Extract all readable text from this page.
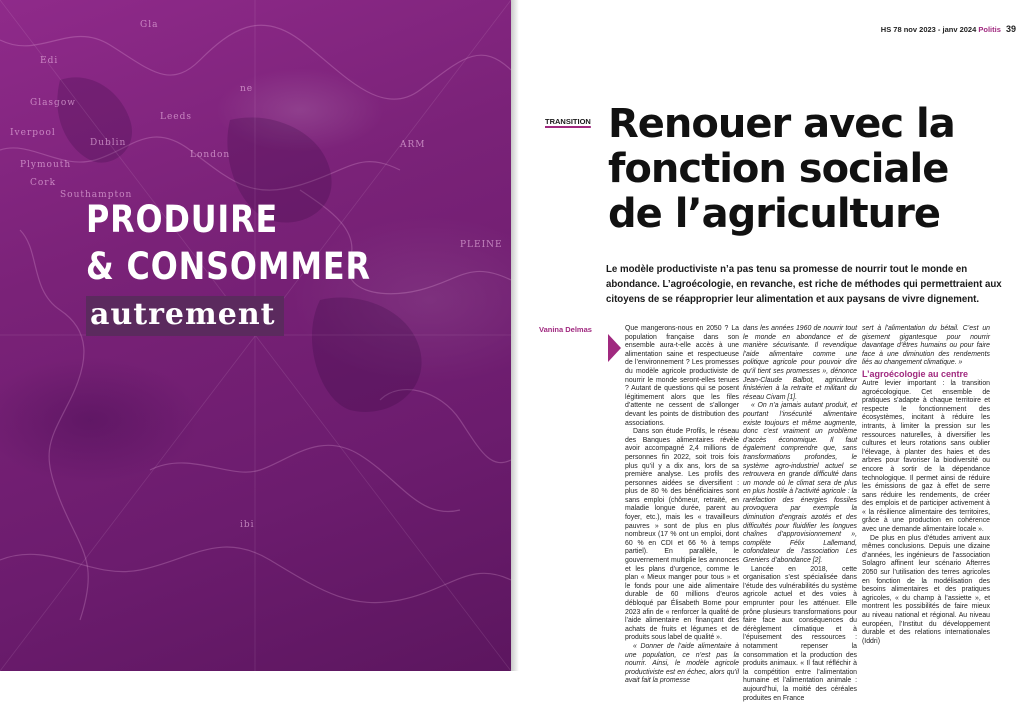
Gla
Edi
Glasgow
ne
Iverpool
Dublin
Cork
Leeds
London
Plymouth
Southampton
ARM
PLEINE
ibi
PRODUIRE
& CONSOMMER
autrement
HS 78 nov 2023 - janv 2024 Politis 39
TRANSITION Renouer avec la fonction sociale de l’agriculture

Le modèle productiviste n’a pas tenu sa promesse de nourrir tout le monde en abondance. L’agroécologie, en revanche, est riche de méthodes qui permettraient aux citoyens de se réapproprier leur alimentation et aux paysans de vivre dignement.

Vanina Delmas	Que mangerons-nous en 2050 ? La population française dans son ensemble aura-t-elle accès à une alimentation saine et respectueuse de l’environnement ? Les promesses du modèle agricole productiviste de nourrir le monde seront-elles tenues ? Autant de questions qui se posent légitimement alors que les files d’attente ne cessent de s’allonger devant les points de distribution des associations.

Dans son étude Profils, le réseau des Banques alimentaires révèle avoir accompagné 2,4 millions de personnes fin 2022, soit trois fois plus qu’il y a dix ans, lors de sa première analyse. Les profils des personnes aidées se diversifient : plus de 80 % des bénéficiaires sont sans emploi (chômeur, retraité, en maladie longue durée, parent au foyer, etc.), mais les « travailleurs pauvres » sont de plus en plus nombreux (17 % ont un emploi, dont 60 % en CDI et 66 % à temps partiel). En parallèle, le gouvernement multiplie les annonces et les plans d’urgence, comme le plan « Mieux manger pour tous » et le fonds pour une aide alimentaire durable de 60 millions d’euros débloqué par Élisabeth Borne pour 2023 afin de « renforcer la qualité de l’aide alimentaire en finançant des achats de fruits et légumes et de produits sous label de qualité ».

« Donner de l’aide alimentaire à une population, ce n’est pas la nourrir. Ainsi, le modèle agricole productiviste est en échec, alors qu’il avait fait la promesse

dans les années 1960 de nourrir tout le monde en abondance et de manière sécurisante. Il revendique l’aide alimentaire comme une politique agricole pour pouvoir dire qu’il tient ses promesses », dénonce Jean-Claude Balbot, agriculteur finistérien à la retraite et militant du réseau Civam [1].

« On n’a jamais autant produit, et pourtant l’insécurité alimentaire existe toujours et même augmente, donc c’est vraiment un problème d’accès économique. Il faut également comprendre que, sans transformations profondes, le système agro-industriel actuel se retrouvera en grande difficulté dans un monde où le climat sera de plus en plus hostile à l’activité agricole : la raréfaction des énergies fossiles provoquera par exemple la diminution d’engrais azotés et des difficultés pour fluidifier les longues chaînes d’approvisionnement », complète Félix Lallemand, cofondateur de l’association Les Greniers d’abondance [2].

Lancée en 2018, cette organisation s’est spécialisée dans l’étude des vulnérabilités du système agricole actuel et des voies à emprunter pour les atténuer. Elle prône plusieurs transformations pour faire face aux conséquences du dérèglement climatique et à l’épuisement des ressources : notamment repenser la consommation et la production des produits animaux. « Il faut réfléchir à la compétition entre l’alimentation humaine et l’alimentation animale : aujourd’hui, la moitié des céréales produites en France

sert à l’alimentation du bétail. C’est un gisement gigantesque pour nourrir davantage d’êtres humains ou pour faire face à une diminution des rendements liés au changement climatique. »

L’agroécologie au centre

Autre levier important : la transition agroécologique. Cet ensemble de pratiques s’adapte à chaque territoire et respecte le fonctionnement des écosystèmes, incitant à réduire les intrants, à limiter la pression sur les ressources naturelles, à diversifier les cultures et leurs rotations sans oublier l’élevage, à planter des haies et des arbres pour favoriser la biodiversité ou encore à sortir de la dépendance technologique. Il permet ainsi de réduire les émissions de gaz à effet de serre sans réduire les rendements, de créer des emplois et de participer activement à « la résilience alimentaire des territoires, grâce à une production en cohérence avec une demande alimentaire locale ».

De plus en plus d’études arrivent aux mêmes conclusions. Depuis une dizaine d’années, les ingénieurs de l’association Solagro affinent leur scénario Afterres 2050 sur l’utilisation des terres agricoles en fonction de la modélisation des besoins alimentaires et des pratiques agricoles, « du champ à l’assiette », et montrent les possibilités de faire mieux au niveau national et régional. Au niveau européen, l’Institut du développement durable et des relations internationales (Iddri)
